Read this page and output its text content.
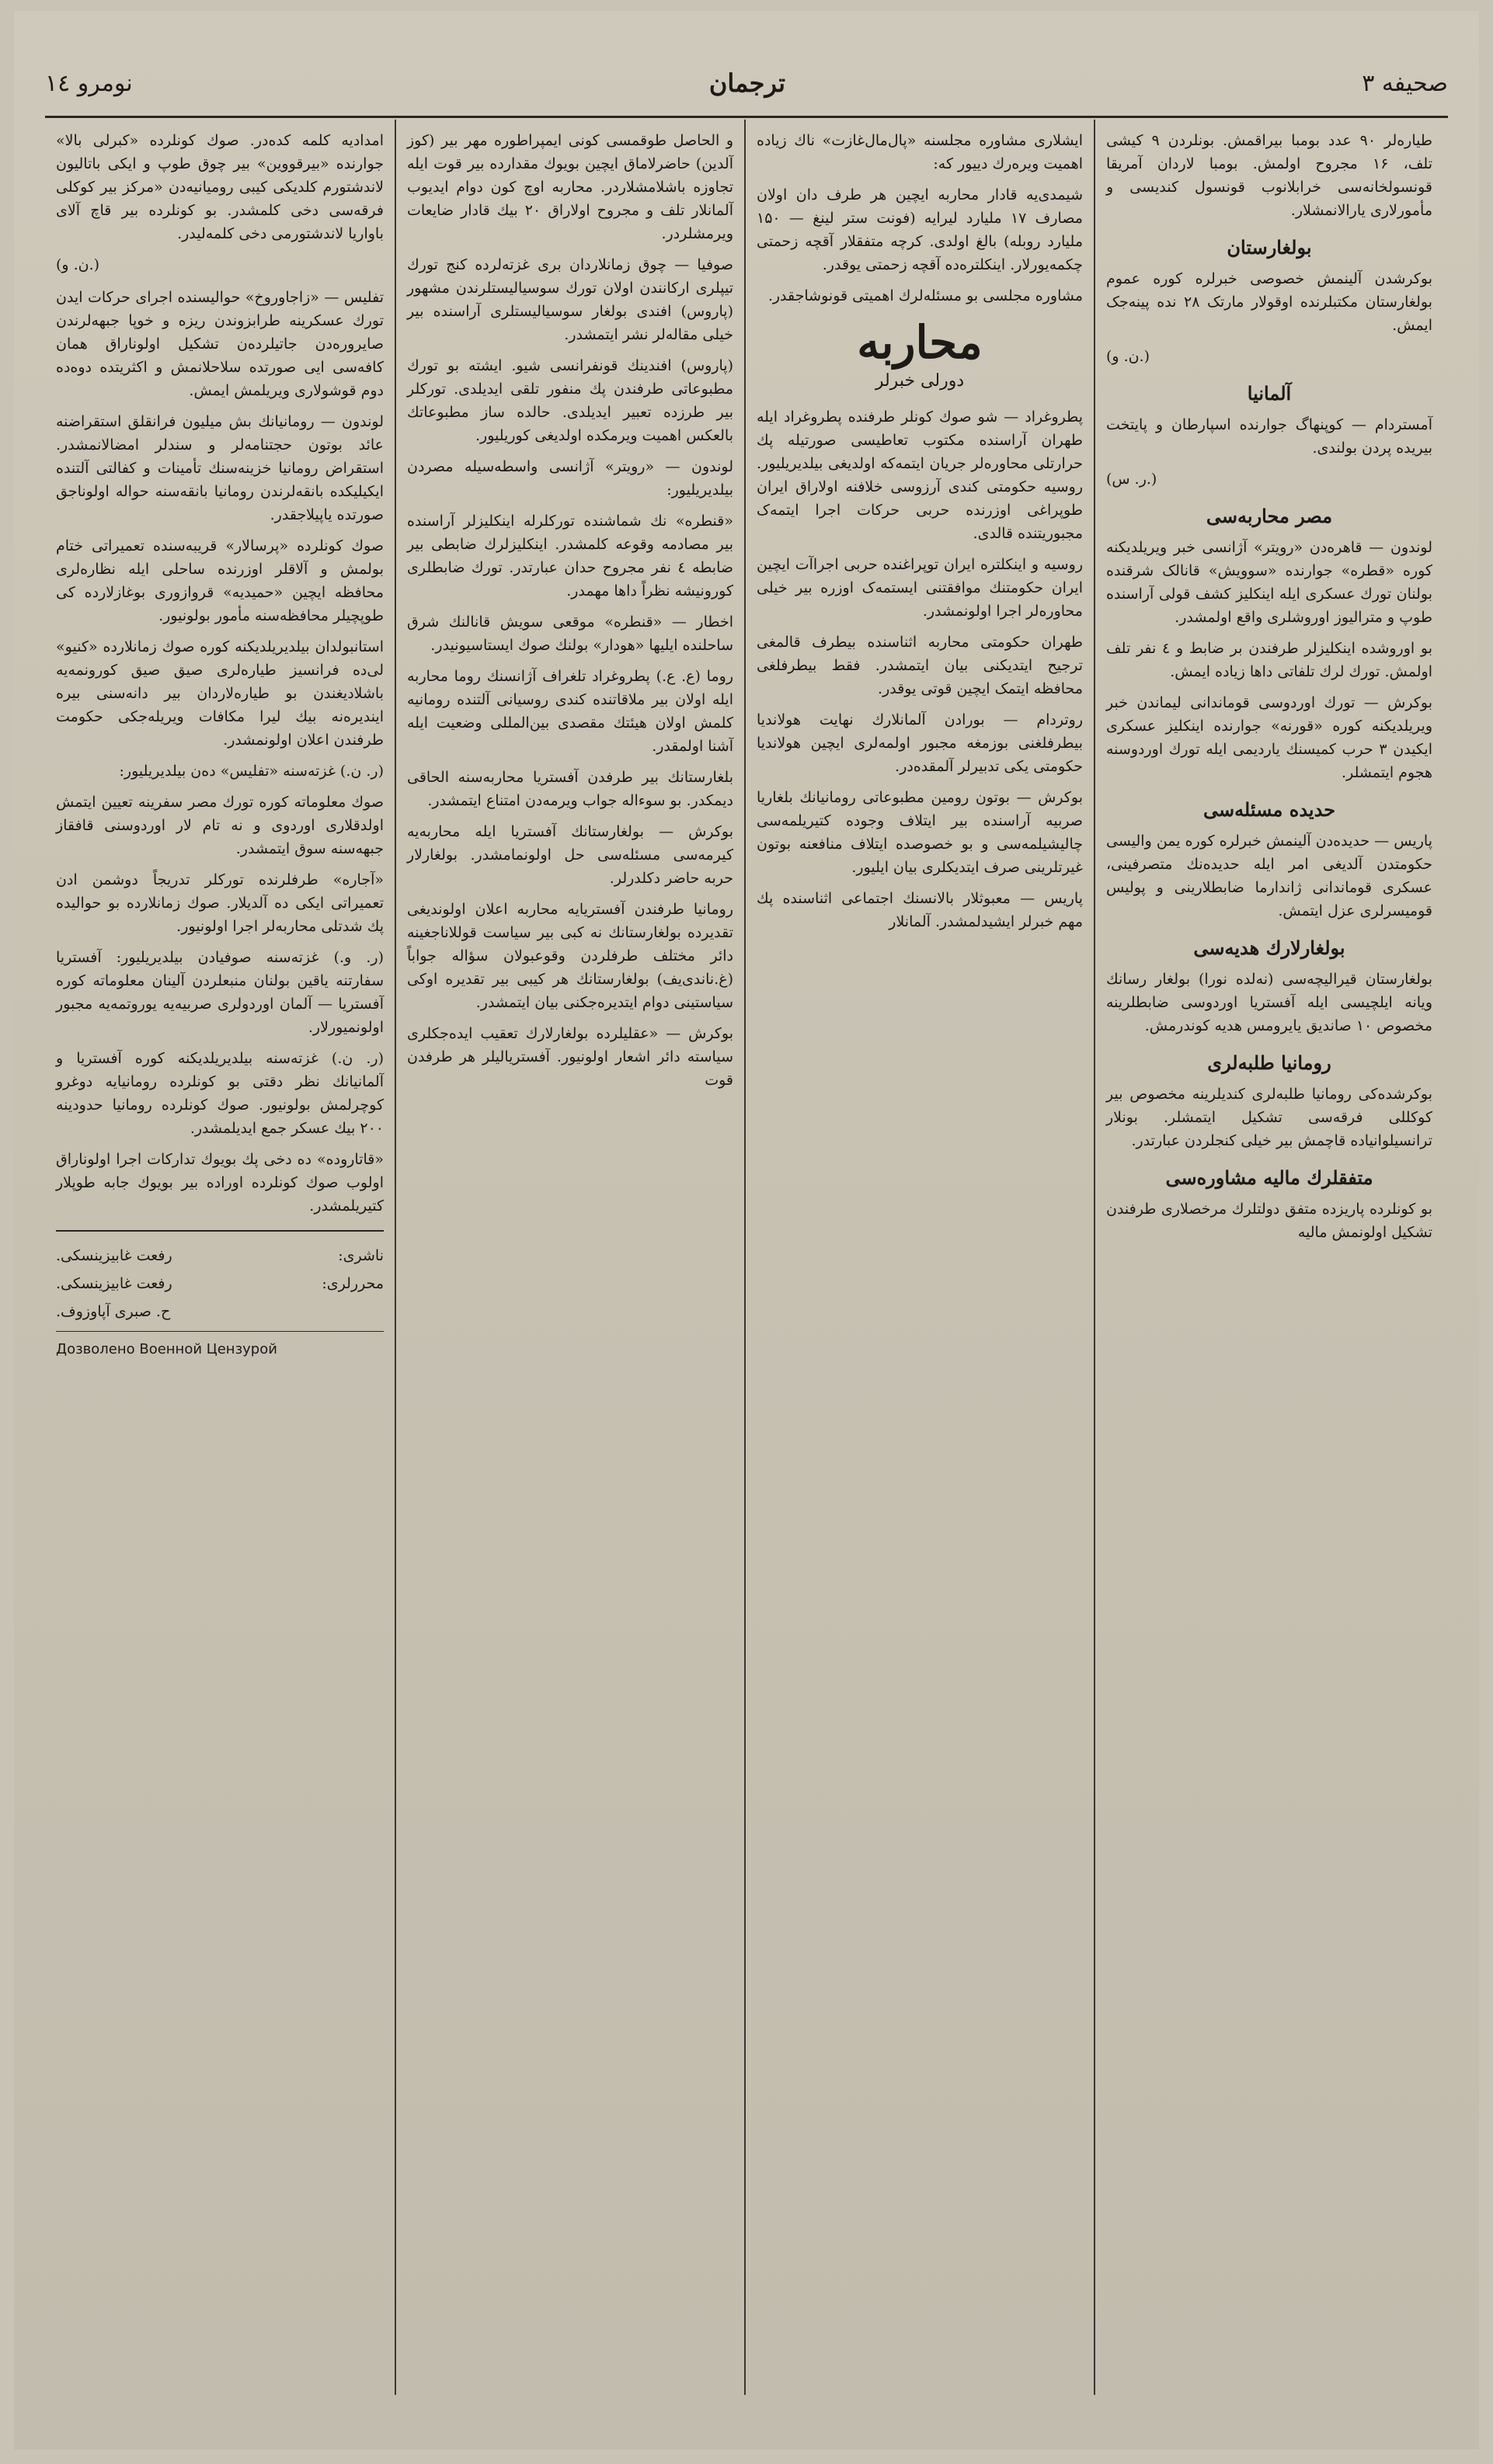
صحیفه ۳
ترجمان
نومرو ١٤

طیاره‌لر ۹۰ عدد بومبا بیراقمش. بونلردن ۹ کیشی تلف، ۱۶ مجروح اولمش. بومبا لاردان آمریقا قونسولخانه‌سی خرابلانوب قونسول کندیسی و مأمورلاری یارالانمشلار.

بولغارستان

بوکرشدن آلینمش خصوصی خبرلره کوره عموم بولغارستان مکتبلرنده اوقولار مارتک ۲۸ نده پینه‌جک ایمش.

(ن. و.)
آلمانیا

آمستردام — کوپنهاگ جوارنده اسپارطان و پایتخت بیریده پردن بولندی.

(ر. س.)
مصر محاربه‌سی

لوندون — قاهره‌دن «رویتر» آژانسی خبر ویریلدیکنه کوره «قطره» جوارنده «سوویش» قانالک شرقنده بولنان تورك عسکری ایله اینکلیز کشف قولی آراسنده طوپ و مترالیوز اوروشلری واقع اولمشدر.

بو اوروشده اینکلیزلر طرفندن بر ضابط و ٤ نفر تلف اولمش. تورك لرك تلفاتی داها زیاده ایمش.

بوکرش — تورك اوردوسی قوماندانی لیماندن خبر ویریلدیکنه کوره «قورنه» جوارنده اینکلیز عسکری ایکیدن ۳ حرب کمیسنك یاردیمی ایله تورك اوردوسنه هجوم ایتمشلر.

حدیده مسئله‌سی

پاریس — حدیده‌دن آلینمش خبرلره کوره یمن والیسی حکومتدن آلدیغی امر ایله حدیده‌نك متصرفینی، عسکری قوماندانی ژاندارما ضابطلارینی و پولیس قومیسرلری عزل ایتمش.

بولغارلارك هدیه‌سی

بولغارستان قیرالیچه‌سی (نه‌لده نورا) بولغار رسانك ویانه ایلچیسی ایله آفستریا اوردوسی ضابطلرینه مخصوص ۱۰ صاندیق یایرومس هدیه کوندرمش.

رومانیا طلبه‌لری

بوکرشده‌کی رومانیا طلبه‌لری کندیلرینه مخصوص بیر کوکللی فرقه‌سی تشکیل ایتمشلر. بونلار ترانسیلوانیاده قاچمش بیر خیلی کنجلردن عبارتدر.

متفقلرك مالیه مشاوره‌سی

بو کونلرده پاریزده متفق دولتلرك مرخصلاری طرفندن تشکیل اولونمش مالیه

ایشلاری مشاوره مجلسنه «پال‌مال‌غازت» ناك زیاده اهمیت ویره‌رك دییور که:

شیمدی‌یه قادار محاربه ایچین هر طرف دان اولان مصارف ۱۷ ملیارد لیرایه (فونت ستر لینغ — ۱۵۰ ملیارد روبله) بالغ اولدی. کرچه متفقلار آقچه زحمتی چکمه‌یورلار. اینکلتره‌ده آقچه زحمتی یوقدر.

مشاوره مجلسی بو مسئله‌لرك اهمیتی قونوشاجقدر.

محاربه
دورلی خبرلر

پطروغراد — شو صوك کونلر طرفنده پطروغراد ایله طهران آراسنده مکتوب تعاطیسی صورتیله پك حرارتلی محاوره‌لر جریان ایتمه‌که اولدیغی بیلدیریلیور. روسیه حکومتی کندی آرزوسی خلافنه اولاراق ایران طوپراغی اوزرنده حربی حرکات اجرا ایتمه‌ک مجبوریتنده قالدی.

روسیه و اینکلتره ایران توپراغنده حربی اجراآت ایچین ایران حکومتنك موافقتنی ایستمه‌ک اوزره بیر خیلی محاوره‌لر اجرا اولونمشدر.

طهران حکومتی محاربه اثناسنده بیطرف قالمغی ترجیح ایتدیکنی بیان ایتمشدر. فقط بیطرفلغی محافظه ایتمک ایچین قوتی یوقدر.

روتردام — بورادن آلمانلارك نهایت هولاندیا بیطرفلغنی بوزمغه مجبور اولمه‌لری ایچین هولاندیا حکومتی یکی تدبیرلر آلمقده‌در.

بوکرش — بوتون رومین مطبوعاتی رومانیانك بلغاریا صربیه آراسنده بیر ایتلاف وجوده کتیریلمه‌سی چالیشیلمه‌سی و بو خصوصده ایتلاف منافعنه بوتون غیرتلرینی صرف ایتدیکلری بیان ایلیور.

پاریس — معبوثلار بالانسنك اجتماعی اثناسنده پك مهم خبرلر ایشیدلمشدر. آلمانلار

و الحاصل طوقمسی کونی ایمپراطوره مهر بیر (کوز آلدین) حاضرلاماق ایچین بویوك مقدارده بیر قوت ایله تجاوزه باشلامشلاردر. محاربه اوچ کون دوام ایدیوب آلمانلار تلف و مجروح اولاراق ۲۰ بیك قادار ضایعات ویرمشلردر.

صوفیا — چوق زمانلاردان بری غزته‌لرده کنج تورك تیپلری ارکانندن اولان تورك سوسیالیستلرندن مشهور (پاروس) افندی بولغار سوسیالیستلری آراسنده بیر خیلی مقاله‌لر نشر ایتمشدر.

(پاروس) افندینك قونفرانسی شیو. ایشته بو تورك مطبوعاتی طرفندن پك منفور تلقی ایدیلدی. تورکلر بیر طرزده تعبیر ایدیلدی. حالده ساز مطبوعاتك بالعکس اهمیت ویرمکده اولدیغی کوریلیور.

لوندون — «رویتر» آژانسی واسطه‌سیله مصردن بیلدیریلیور:

«قنطره» نك شماشنده تورکلرله اینکلیزلر آراسنده بیر مصادمه وقوعه کلمشدر. اینکلیزلرك ضابطی بیر ضابطه ٤ نفر مجروح حدان عبارتدر. تورك ضابطلری کورونیشه نظراً داها مهمدر.

اخطار — «قنطره» موقعی سویش قانالنك شرق ساحلنده ایلیها «هودار» بولنك صوك ایستاسیونیدر.

روما (ع. ع.) پطروغراد تلغراف آژانسنك روما محاربه ایله اولان بیر ملاقاتنده کندی روسیانی آلتنده رومانیه کلمش اولان هیئتك مقصدی بین‌المللی وضعیت ایله آشنا اولمقدر.

بلغارستانك بیر طرفدن آفستریا محاربه‌سنه الحاقی دیمکدر. بو سوءاله جواب ویرمه‌دن امتناع ایتمشدر.

بوکرش — بولغارستانك آفستریا ایله محاربه‌یه کیرمه‌سی مسئله‌سی حل اولونمامشدر. بولغارلار حربه حاضر دکلدرلر.

رومانیا طرفندن آفستریایه محاربه اعلان اولوندیغی تقدیرده بولغارستانك نه کبی بیر سیاست قوللاناجغینه دائر مختلف طرفلردن وقوعبولان سؤاله جواباً (غ.ناندی‌یف) بولغارستانك هر کیبی بیر تقدیره اوکی سیاستینی دوام ایتدیره‌جکنی بیان ایتمشدر.

بوکرش — «عقلیلرده بولغارلارك تعقیب ایده‌جکلری سیاسته دائر اشعار اولونیور. آفستریالیلر هر طرفدن قوت

امدادیه کلمه کده‌در. صوك کونلرده «کبرلی بالا» جوارنده «بیرقووین» بیر چوق طوپ و ایکی باتالیون لاندشتورم کلدیکی کیبی رومیانیه‌دن «مرکز بیر کوکلی فرقه‌سی دخی کلمشدر. بو کونلرده بیر قاچ آلای باواریا لاندشتورمی دخی کلمه‌لیدر.

(ن. و.)

تفلیس — «زاجاوروخ» حوالیسنده اجرای حرکات ایدن تورك عسکرینه طرابزوندن ریزه و خوپا جبهه‌لرندن صایروره‌دن جاتیلرده‌ن تشکیل اولوناراق همان کافه‌سی ایی صورتده سلاحلانمش و اکثریتده دوه‌ده دوم قوشولاری ویریلمش ایمش.

لوندون — رومانیانك بش میلیون فرانقلق استقراضنه عائد بوتون حجتنامه‌لر و سندلر امضالانمشدر. استقراض رومانیا خزینه‌سنك تأمینات و کفالتی آلتنده ایکیلیکده بانقه‌لرندن رومانیا بانقه‌سنه حواله اولوناجق صورتده یاپیلاجقدر.

صوك کونلرده «پرسالار» قریبه‌سنده تعمیراتی ختام بولمش و آلاقلر اوزرنده ساحلی ایله نظاره‌لری محافظه ایچین «حمیدیه» قروازوری بوغازلارده کی طوپچیلر محافظه‌سنه مأمور بولونیور.

استانبولدان بیلدیریلدیکنه کوره صوك زمانلارده «کنیو» لی‌ده فرانسیز طیاره‌لری صیق صیق کورونمه‌یه باشلادیغندن بو طیاره‌لاردان بیر دانه‌سنی بیره ایندیره‌نه بیك لیرا مکافات ویریله‌جکی حکومت طرفندن اعلان اولونمشدر.

(ر. ن.) غزته‌سنه «تفلیس» ده‌ن بیلدیریلیور:

صوك معلوماته کوره تورك مصر سفرینه تعیین ایتمش اولدقلاری اوردوی و نه تام لار اوردوسنی قافقاز جبهه‌سنه سوق ایتمشدر.

«آجاره» طرفلرنده تورکلر تدریجاً دوشمن ادن تعمیراتی ایکی ده آلدیلار. صوك زمانلارده بو حوالیده پك شدتلی محاربه‌لر اجرا اولونیور.

(ر. و.) غزته‌سنه صوفیادن بیلدیریلیور: آفستریا سفارتنه یاقین بولنان منبعلردن آلینان معلوماته کوره آفستریا — آلمان اوردولری صربیه‌یه یوروتمه‌یه مجبور اولونمیورلار.

(ر. ن.) غزته‌سنه بیلدیریلدیکنه کوره آفستریا و آلمانیانك نظر دقتی بو کونلرده رومانیایه دوغرو کوچرلمش بولونیور. صوك کونلرده رومانیا حدودینه ۲۰۰ بیك عسکر جمع ایدیلمشدر.

«قاتاروده» ده دخی پك بویوك تدارکات اجرا اولوناراق اولوب صوك کونلرده اوراده بیر بویوك جابه طوپلار کتیریلمشدر.

ناشری:
رفعت غابیزینسکی.
محررلری:
رفعت غابیزینسکی.
ح. صبری آپاوزوف.
Дозволено Военной Цензурой
